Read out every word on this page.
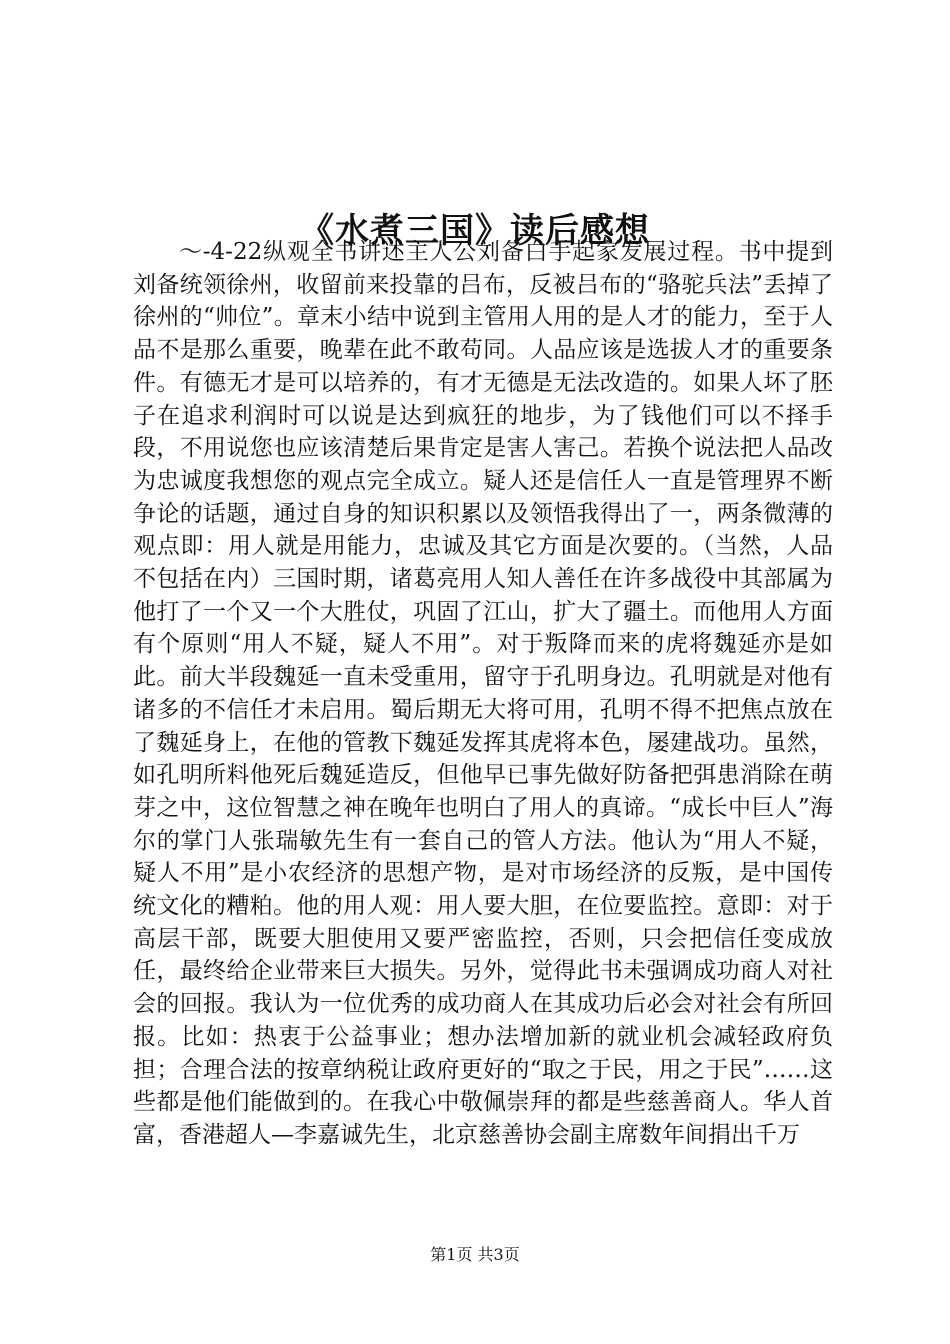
《水煮三国》读后感想

～-4-22纵观全书讲述主人公刘备白手起家发展过程。书中提到刘备统领徐州，收留前来投靠的吕布，反被吕布的“骆驼兵法”丢掉了徐州的“帅位”。章末小结中说到主管用人用的是人才的能力，至于人品不是那么重要，晚辈在此不敢苟同。人品应该是选拔人才的重要条件。有德无才是可以培养的，有才无德是无法改造的。如果人坏了胚子在追求利润时可以说是达到疯狂的地步，为了钱他们可以不择手段，不用说您也应该清楚后果肯定是害人害己。若换个说法把人品改为忠诚度我想您的观点完全成立。疑人还是信任人一直是管理界不断争论的话题，通过自身的知识积累以及领悟我得出了一，两条微薄的观点即：用人就是用能力，忠诚及其它方面是次要的。（当然，人品不包括在内）三国时期，诸葛亮用人知人善任在许多战役中其部属为他打了一个又一个大胜仗，巩固了江山，扩大了疆土。而他用人方面有个原则“用人不疑，疑人不用”。对于叛降而来的虎将魏延亦是如此。前大半段魏延一直未受重用，留守于孔明身边。孔明就是对他有诸多的不信任才未启用。蜀后期无大将可用，孔明不得不把焦点放在了魏延身上，在他的管教下魏延发挥其虎将本色，屡建战功。虽然，如孔明所料他死后魏延造反，但他早已事先做好防备把弭患消除在萌芽之中，这位智慧之神在晚年也明白了用人的真谛。“成长中巨人”海尔的掌门人张瑞敏先生有一套自己的管人方法。他认为“用人不疑，疑人不用”是小农经济的思想产物，是对市场经济的反叛，是中国传统文化的糟粕。他的用人观：用人要大胆，在位要监控。意即：对于高层干部，既要大胆使用又要严密监控，否则，只会把信任变成放任，最终给企业带来巨大损失。另外，觉得此书未强调成功商人对社会的回报。我认为一位优秀的成功商人在其成功后必会对社会有所回报。比如：热衷于公益事业；想办法增加新的就业机会减轻政府负担；合理合法的按章纳税让政府更好的“取之于民，用之于民”……这些都是他们能做到的。在我心中敬佩崇拜的都是些慈善商人。华人首富，香港超人—李嘉诚先生，北京慈善协会副主席数年间捐出千万

第1页 共3页
